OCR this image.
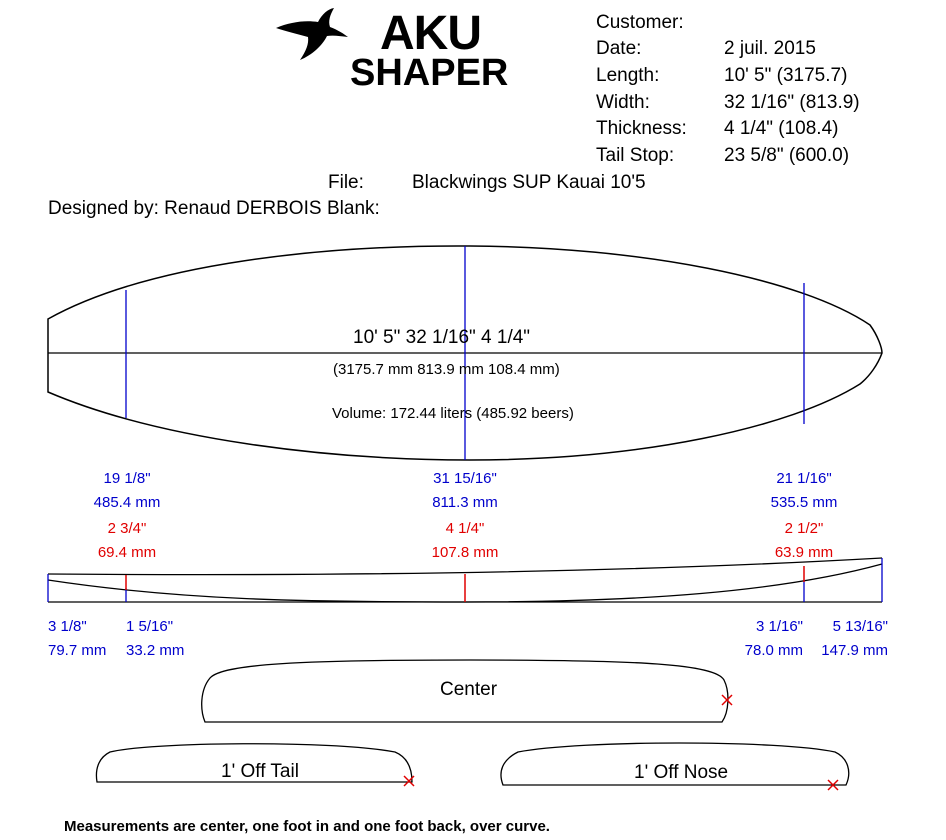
AKU
SHAPER
Customer:
Date:	2 juil. 2015
Length:	10' 5" (3175.7)
Width:	32 1/16" (813.9)
Thickness: 4 1/4" (108.4)
Tail Stop:	23 5/8" (600.0)
File:	Blackwings SUP Kauai 10'5
Designed by: Renaud DERBOIS Blank:
10' 5" 32 1/16" 4 1/4"
(3175.7 mm 813.9 mm 108.4 mm)
Volume: 172.44 liters (485.92 beers)
19 1/8"
485.4 mm
31 15/16"
811.3 mm
21 1/16"
535.5 mm
2 3/4"
69.4 mm
4 1/4"
107.8 mm
2 1/2"
63.9 mm
3 1/8"
79.7 mm
1 5/16"
33.2 mm
3 1/16"
78.0 mm
5 13/16"
147.9 mm
Center
1' Off Tail	1' Off Nose
Measurements are center, one foot in and one foot back, over curve.
